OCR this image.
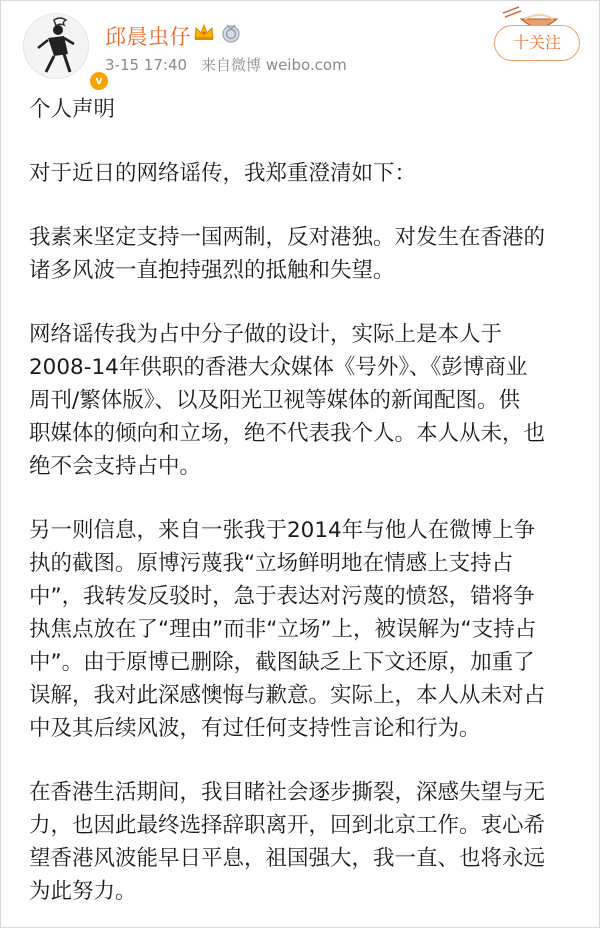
v
邱晨虫仔
3-15 17:40 来自微博 weibo.com
十关注
个人声明
对于近日的网络谣传，我郑重澄清如下：
我素来坚定支持一国两制，反对港独。对发生在香港的
诸多风波一直抱持强烈的抵触和失望。
网络谣传我为占中分子做的设计，实际上是本人于
2008-14年供职的香港大众媒体《号外》、《彭博商业
周刊/繁体版》、以及阳光卫视等媒体的新闻配图。供
职媒体的倾向和立场，绝不代表我个人。本人从未，也
绝不会支持占中。
另一则信息，来自一张我于2014年与他人在微博上争
执的截图。原博污蔑我“立场鲜明地在情感上支持占
中”，我转发反驳时，急于表达对污蔑的愤怒，错将争
执焦点放在了“理由”而非“立场”上，被误解为“支持占
中”。由于原博已删除，截图缺乏上下文还原，加重了
误解，我对此深感懊悔与歉意。实际上，本人从未对占
中及其后续风波，有过任何支持性言论和行为。
在香港生活期间，我目睹社会逐步撕裂，深感失望与无
力，也因此最终选择辞职离开，回到北京工作。衷心希
望香港风波能早日平息，祖国强大，我一直、也将永远
为此努力。
